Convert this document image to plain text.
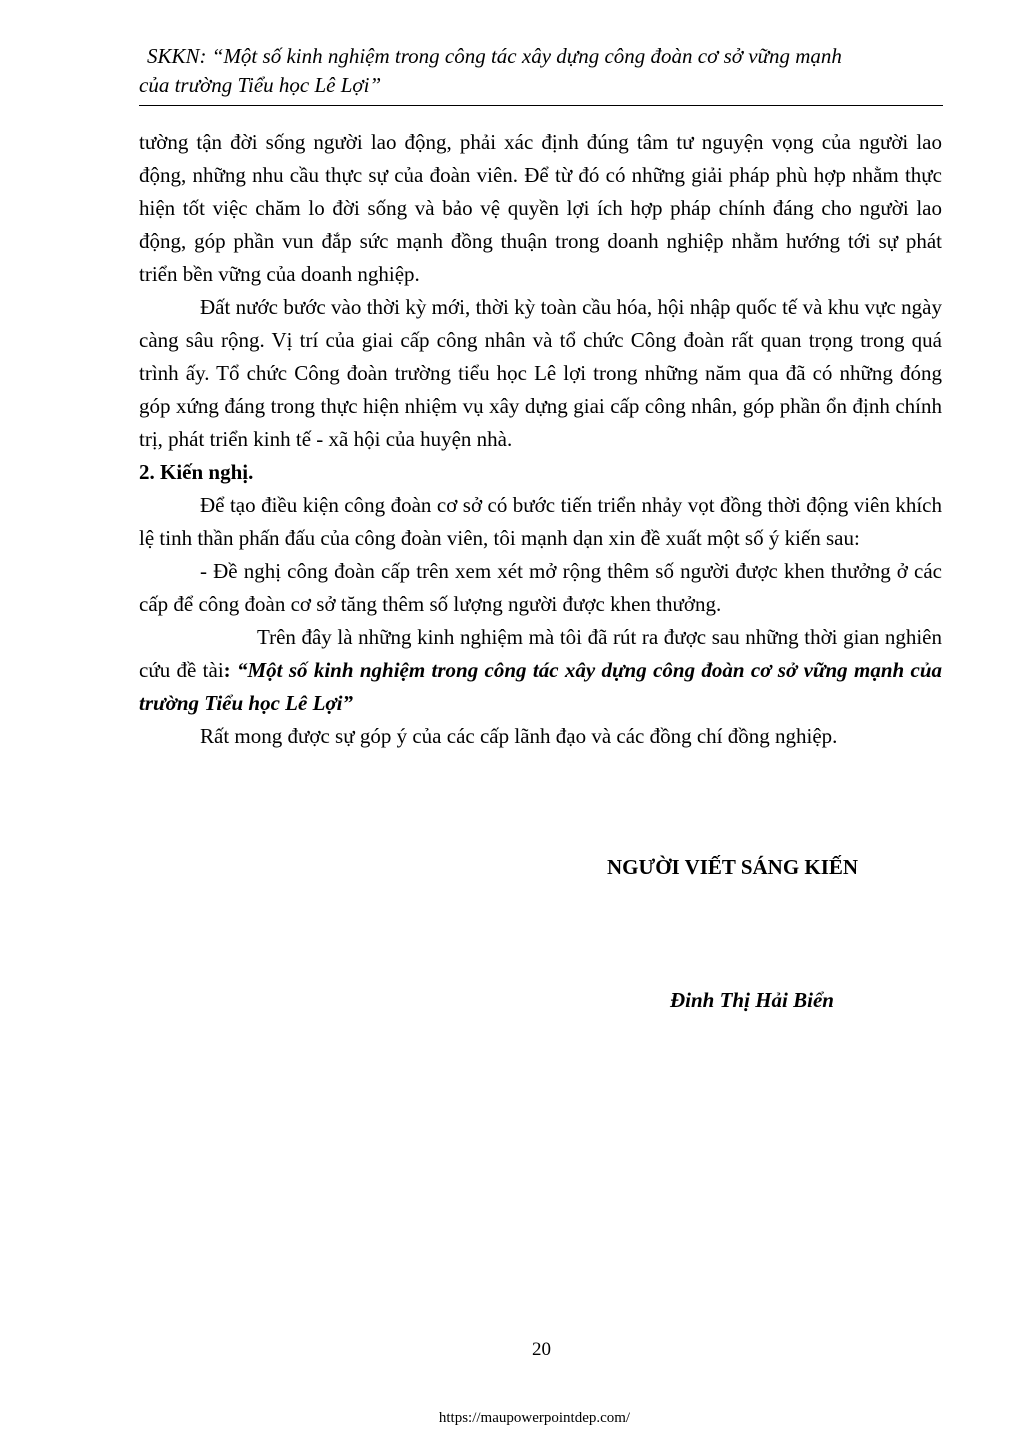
SKKN: “Một số kinh nghiệm trong công tác xây dựng công đoàn cơ sở vững mạnh
của trường Tiểu học Lê Lợi”

tường tận đời sống người lao động, phải xác định đúng tâm tư nguyện vọng của người lao động, những nhu cầu thực sự của đoàn viên. Để từ đó có những giải pháp phù hợp nhằm thực hiện tốt việc chăm lo đời sống và bảo vệ quyền lợi ích hợp pháp chính đáng cho người lao động, góp phần vun đắp sức mạnh đồng thuận trong doanh nghiệp nhằm hướng tới sự phát triển bền vững của doanh nghiệp.

Đất nước bước vào thời kỳ mới, thời kỳ toàn cầu hóa, hội nhập quốc tế và khu vực ngày càng sâu rộng. Vị trí của giai cấp công nhân và tổ chức Công đoàn rất quan trọng trong quá trình ấy. Tổ chức Công đoàn trường tiểu học Lê lợi trong những năm qua đã có những đóng góp xứng đáng trong thực hiện nhiệm vụ xây dựng giai cấp công nhân, góp phần ổn định chính trị, phát triển kinh tế - xã hội của huyện nhà.

2. Kiến nghị.

Để tạo điều kiện công đoàn cơ sở có bước tiến triển nhảy vọt đồng thời động viên khích lệ tinh thần phấn đấu của công đoàn viên, tôi mạnh dạn xin đề xuất một số ý kiến sau:

- Đề nghị công đoàn cấp trên xem xét mở rộng thêm số người được khen thưởng ở các cấp để công đoàn cơ sở tăng thêm số lượng người được khen thưởng.

Trên đây là những kinh nghiệm mà tôi đã rút ra được sau những thời gian nghiên cứu đề tài: “Một số kinh nghiệm trong công tác xây dựng công đoàn cơ sở vững mạnh của trường Tiểu học Lê Lợi”

Rất mong được sự góp ý của các cấp lãnh đạo và các đồng chí đồng nghiệp.

NGƯỜI VIẾT SÁNG KIẾN
Đinh Thị Hải Biển
20
https://maupowerpointdep.com/
